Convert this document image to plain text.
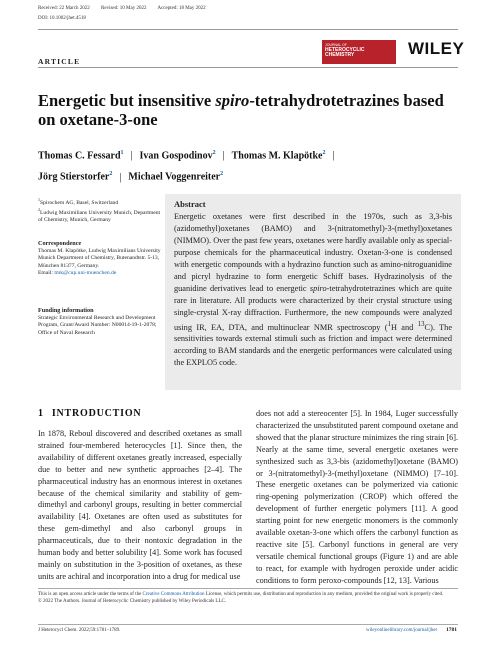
Received: 22 March 2022 Revised: 10 May 2022 Accepted: 18 May 2022
DOI: 10.1002/jhet.4518
JOURNAL OF
HETEROCYCLIC CHEMISTRY	WILEY
ARTICLE
Energetic but insensitive spiro-tetrahydrotetrazines based on oxetane-3-one
Thomas C. Fessard$^1$ | Ivan Gospodinov$^2$ | Thomas M. Klapötke$^2$ |
Jörg Stierstorfer$^2$ | Michael Voggenreiter$^2$
$^1$Spirochem AG, Basel, Switzerland
$^2$Ludwig Maximilians University Munich, Department of Chemistry, Munich, Germany
Correspondence
Thomas M. Klapötke, Ludwig Maximilians University Munich Department of Chemistry, Butenandtstr. 5-13, München 81377, Germany.
Email: tmk@cup.uni-muenchen.de
Funding information
Strategic Environmental Research and Development Program, Grant/Award Number: N00014-19-1-2078; Office of Naval Research
Abstract
Energetic oxetanes were first described in the 1970s, such as 3,3-bis (azidomethyl)oxetanes (BAMO) and 3-(nitratomethyl)-3-(methyl)oxetanes (NIMMO). Over the past few years, oxetanes were hardly available only as special-purpose chemicals for the pharmaceutical industry. Oxetan-3-one is condensed with energetic compounds with a hydrazino function such as amino-nitroguanidine and picryl hydrazine to form energetic Schiff bases. Hydrazinolysis of the guanidine derivatives lead to energetic spiro-tetrahydrotetrazines which are quite rare in literature. All products were characterized by their crystal structure using single-crystal X-ray diffraction. Furthermore, the new compounds were analyzed using IR, EA, DTA, and multinuclear NMR spectroscopy ($^1$H and $^{13}$C). The sensitivities towards external stimuli such as friction and impact were determined according to BAM standards and the energetic performances were calculated using the EXPLO5 code.
1 INTRODUCTION
In 1878, Reboul discovered and described oxetanes as small strained four-membered heterocycles [1]. Since then, the availability of different oxetanes greatly increased, especially due to better and new synthetic approaches [2–4]. The pharmaceutical industry has an enormous interest in oxetanes because of the chemical similarity and stability of gem-dimethyl and carbonyl groups, resulting in better commercial availability [4]. Oxetanes are often used as substitutes for these gem-dimethyl and also carbonyl groups in pharmaceuticals, due to their nontoxic degradation in the human body and better solubility [4]. Some work has focused mainly on substitution in the 3-position of oxetanes, as these units are achiral and incorporation into a drug for medical use
does not add a stereocenter [5]. In 1984, Luger successfully characterized the unsubstituted parent compound oxetane and showed that the planar structure minimizes the ring strain [6]. Nearly at the same time, several energetic oxetanes were synthesized such as 3,3-bis (azidomethyl)oxetane (BAMO) or 3-(nitratomethyl)-3-(methyl)oxetane (NIMMO) [7–10]. These energetic oxetanes can be polymerized via cationic ring-opening polymerization (CROP) which offered the development of further energetic polymers [11]. A good starting point for new energetic monomers is the commonly available oxetan-3-one which offers the carbonyl function as reactive site [5]. Carbonyl functions in general are very versatile chemical functional groups (Figure 1) and are able to react, for example with hydrogen peroxide under acidic conditions to form peroxo-compounds [12, 13]. Various
This is an open access article under the terms of the Creative Commons Attribution License, which permits use, distribution and reproduction in any medium, provided the original work is properly cited.
© 2022 The Authors. Journal of Heterocyclic Chemistry published by Wiley Periodicals LLC.
J Heterocycl Chem. 2022;59:1781–1789.	wileyonlinelibrary.com/journal/jhet 1781
